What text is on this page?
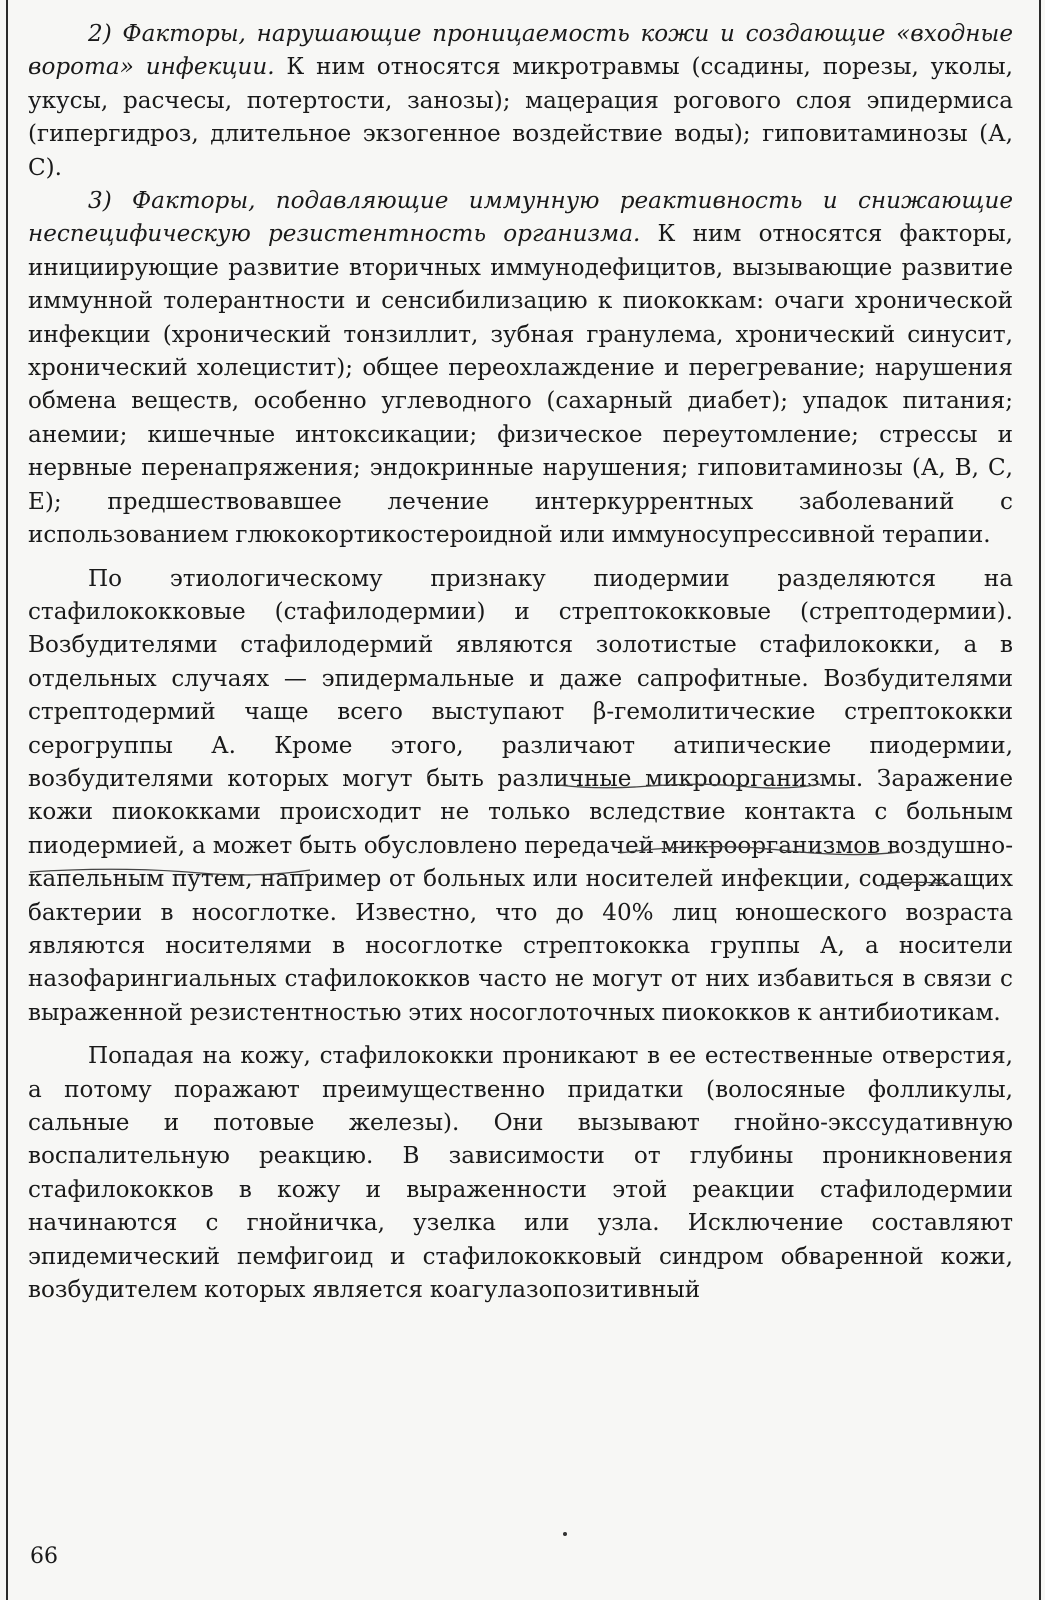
2) Факторы, нарушающие проницаемость кожи и создающие «входные ворота» инфекции. К ним относятся микротравмы (ссадины, порезы, уколы, укусы, расчесы, потертости, занозы); мацерация рогового слоя эпидермиса (гипергидроз, длительное экзогенное воздействие воды); гиповитаминозы (А, С).

3) Факторы, подавляющие иммунную реактивность и снижающие неспецифическую резистентность организма. К ним относятся факторы, инициирующие развитие вторичных иммунодефицитов, вызывающие развитие иммунной толерантности и сенсибилизацию к пиококкам: очаги хронической инфекции (хронический тонзиллит, зубная гранулема, хронический синусит, хронический холецистит); общее переохлаждение и перегревание; нарушения обмена веществ, особенно углеводного (сахарный диабет); упадок питания; анемии; кишечные интоксикации; физическое переутомление; стрессы и нервные перенапряжения; эндокринные нарушения; гиповитаминозы (А, В, С, Е); предшествовавшее лечение интеркуррентных заболеваний с использованием глюкокортикостероидной или иммуносупрессивной терапии.

По этиологическому признаку пиодермии разделяются на стафилококковые (стафилодермии) и стрептококковые (стрептодермии). Возбудителями стафилодермий являются золотистые стафилококки, а в отдельных случаях — эпидермальные и даже сапрофитные. Возбудителями стрептодермий чаще всего выступают β-гемолитические стрептококки серогруппы А. Кроме этого, различают атипические пиодермии, возбудителями которых могут быть различные микроорганизмы. Заражение кожи пиококками происходит не только вследствие контакта с больным пиодермией, а может быть обусловлено передачей микроорганизмов воздушно-капельным путем, например от больных или носителей инфекции, содержащих бактерии в носоглотке. Известно, что до 40% лиц юношеского возраста являются носителями в носоглотке стрептококка группы А, а носители назофарингиальных стафилококков часто не могут от них избавиться в связи с выраженной резистентностью этих носоглоточных пиококков к антибиотикам.

Попадая на кожу, стафилококки проникают в ее естественные отверстия, а потому поражают преимущественно придатки (волосяные фолликулы, сальные и потовые железы). Они вызывают гнойно-экссудативную воспалительную реакцию. В зависимости от глубины проникновения стафилококков в кожу и выраженности этой реакции стафилодермии начинаются с гнойничка, узелка или узла. Исключение составляют эпидемический пемфигоид и стафилококковый синдром обваренной кожи, возбудителем которых является коагулазопозитивный

66
